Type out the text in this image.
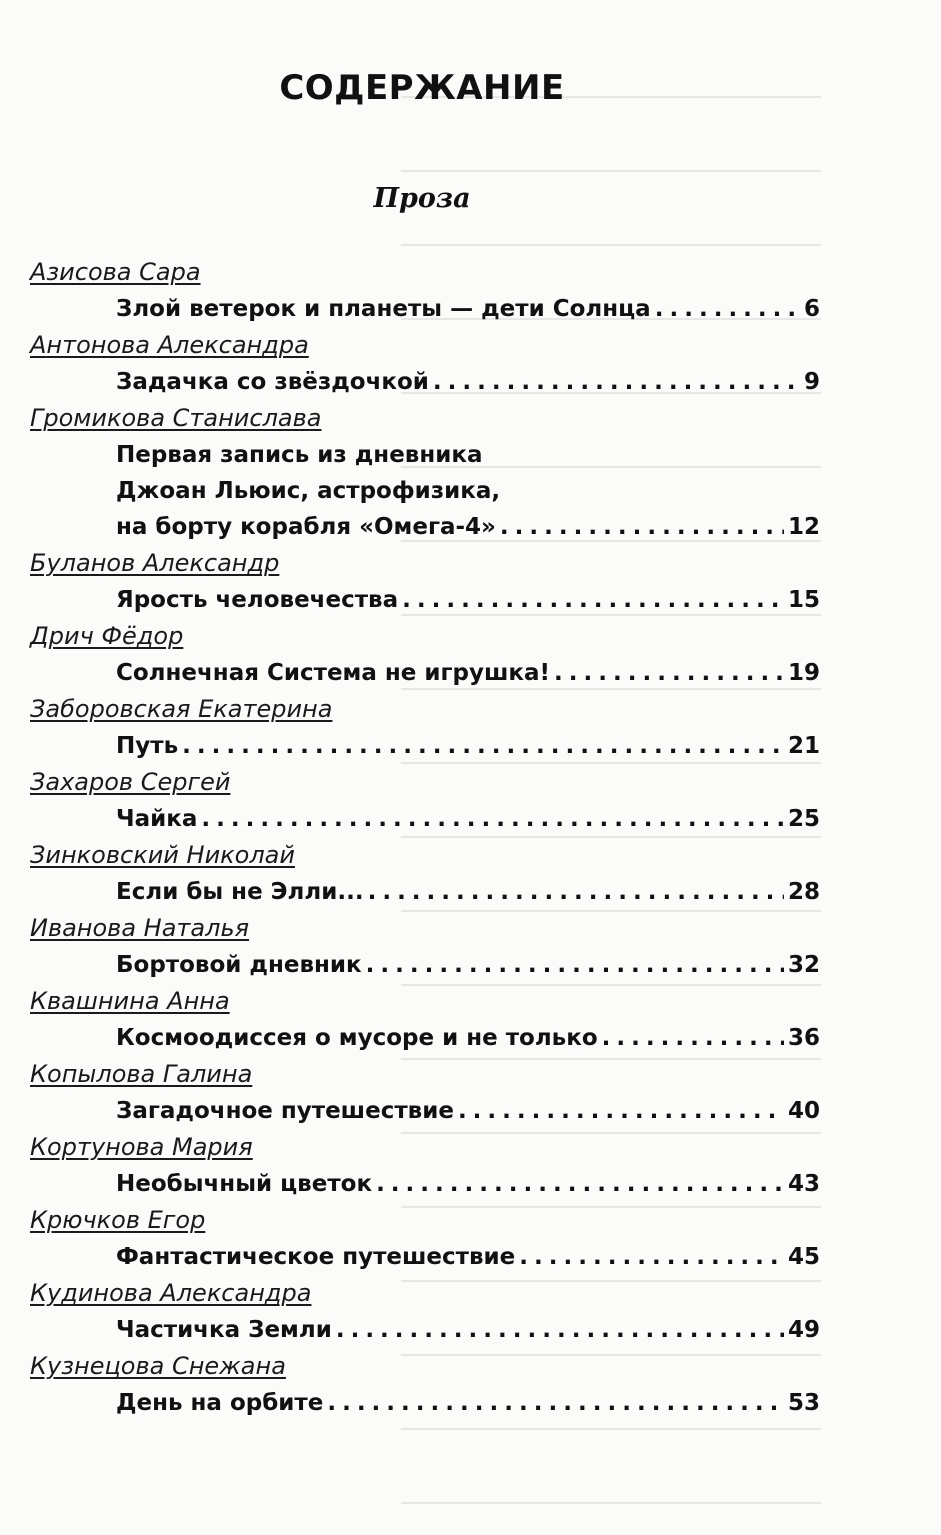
СОДЕРЖАНИЕ
Проза
Азисова Сара
Злой ветерок и планеты — дети Солнца . . .	6
Антонова Александра
Задачка со звёздочкой . . .	9
Громикова Станислава
Первая запись из дневника
Джоан Льюис, астрофизика,
на борту корабля «Омега-4» . . .	12
Буланов Александр
Ярость человечества . . .	15
Дрич Фёдор
Солнечная Система не игрушка! . . .	19
Заборовская Екатерина
Путь . . .	21
Захаров Сергей
Чайка . . .	25
Зинковский Николай
Если бы не Элли... . . .	28
Иванова Наталья
Бортовой дневник . . .	32
Квашнина Анна
Космоодиссея о мусоре и не только . . .	36
Копылова Галина
Загадочное путешествие . . .	40
Кортунова Мария
Необычный цветок . . .	43
Крючков Егор
Фантастическое путешествие . . .	45
Кудинова Александра
Частичка Земли . . .	49
Кузнецова Снежана
День на орбите . . .	53
